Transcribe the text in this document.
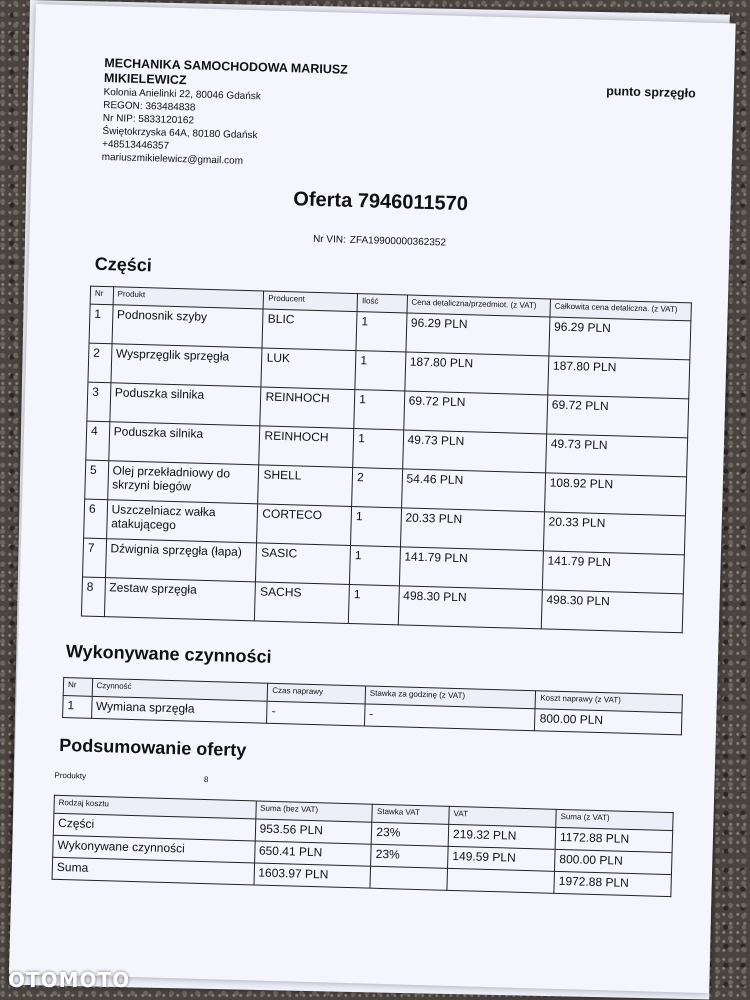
MECHANIKA SAMOCHODOWA MARIUSZ MIKIELEWICZ
Kolonia Anielinki 22, 80046 Gdańsk
REGON: 363484838
Nr NIP: 5833120162
Świętokrzyska 64A, 80180 Gdańsk
+48513446357
mariuszmikielewicz@gmail.com
punto sprzęgło
Oferta 7946011570
Nr VIN: ZFA19900000362352
Części
Nr	Produkt	Producent	Ilość	Cena detaliczna/przedmiot. (z VAT)	Całkowita cena detaliczna. (z VAT)
1	Podnosnik szyby	BLIC	1	96.29 PLN	96.29 PLN
2	Wysprzęglik sprzęgła	LUK	1	187.80 PLN	187.80 PLN
3	Poduszka silnika	REINHOCH	1	69.72 PLN	69.72 PLN
4	Poduszka silnika	REINHOCH	1	49.73 PLN	49.73 PLN
5	Olej przekładniowy do skrzyni biegów	SHELL	2	54.46 PLN	108.92 PLN
6	Uszczelniacz wałka atakującego	CORTECO	1	20.33 PLN	20.33 PLN
7	Dźwignia sprzęgła (łapa)	SASIC	1	141.79 PLN	141.79 PLN
8	Zestaw sprzęgła	SACHS	1	498.30 PLN	498.30 PLN
Wykonywane czynności
Nr	Czynność	Czas naprawy	Stawka za godzinę (z VAT)	Koszt naprawy (z VAT)
1	Wymiana sprzęgła	-	-	800.00 PLN
Podsumowanie oferty
Produkty	8
Rodzaj kosztu	Suma (bez VAT)	Stawka VAT	VAT	Suma (z VAT)
Części	953.56 PLN	23%	219.32 PLN	1172.88 PLN
Wykonywane czynności	650.41 PLN	23%	149.59 PLN	800.00 PLN
Suma	1603.97 PLN			1972.88 PLN
OTOMOTO
